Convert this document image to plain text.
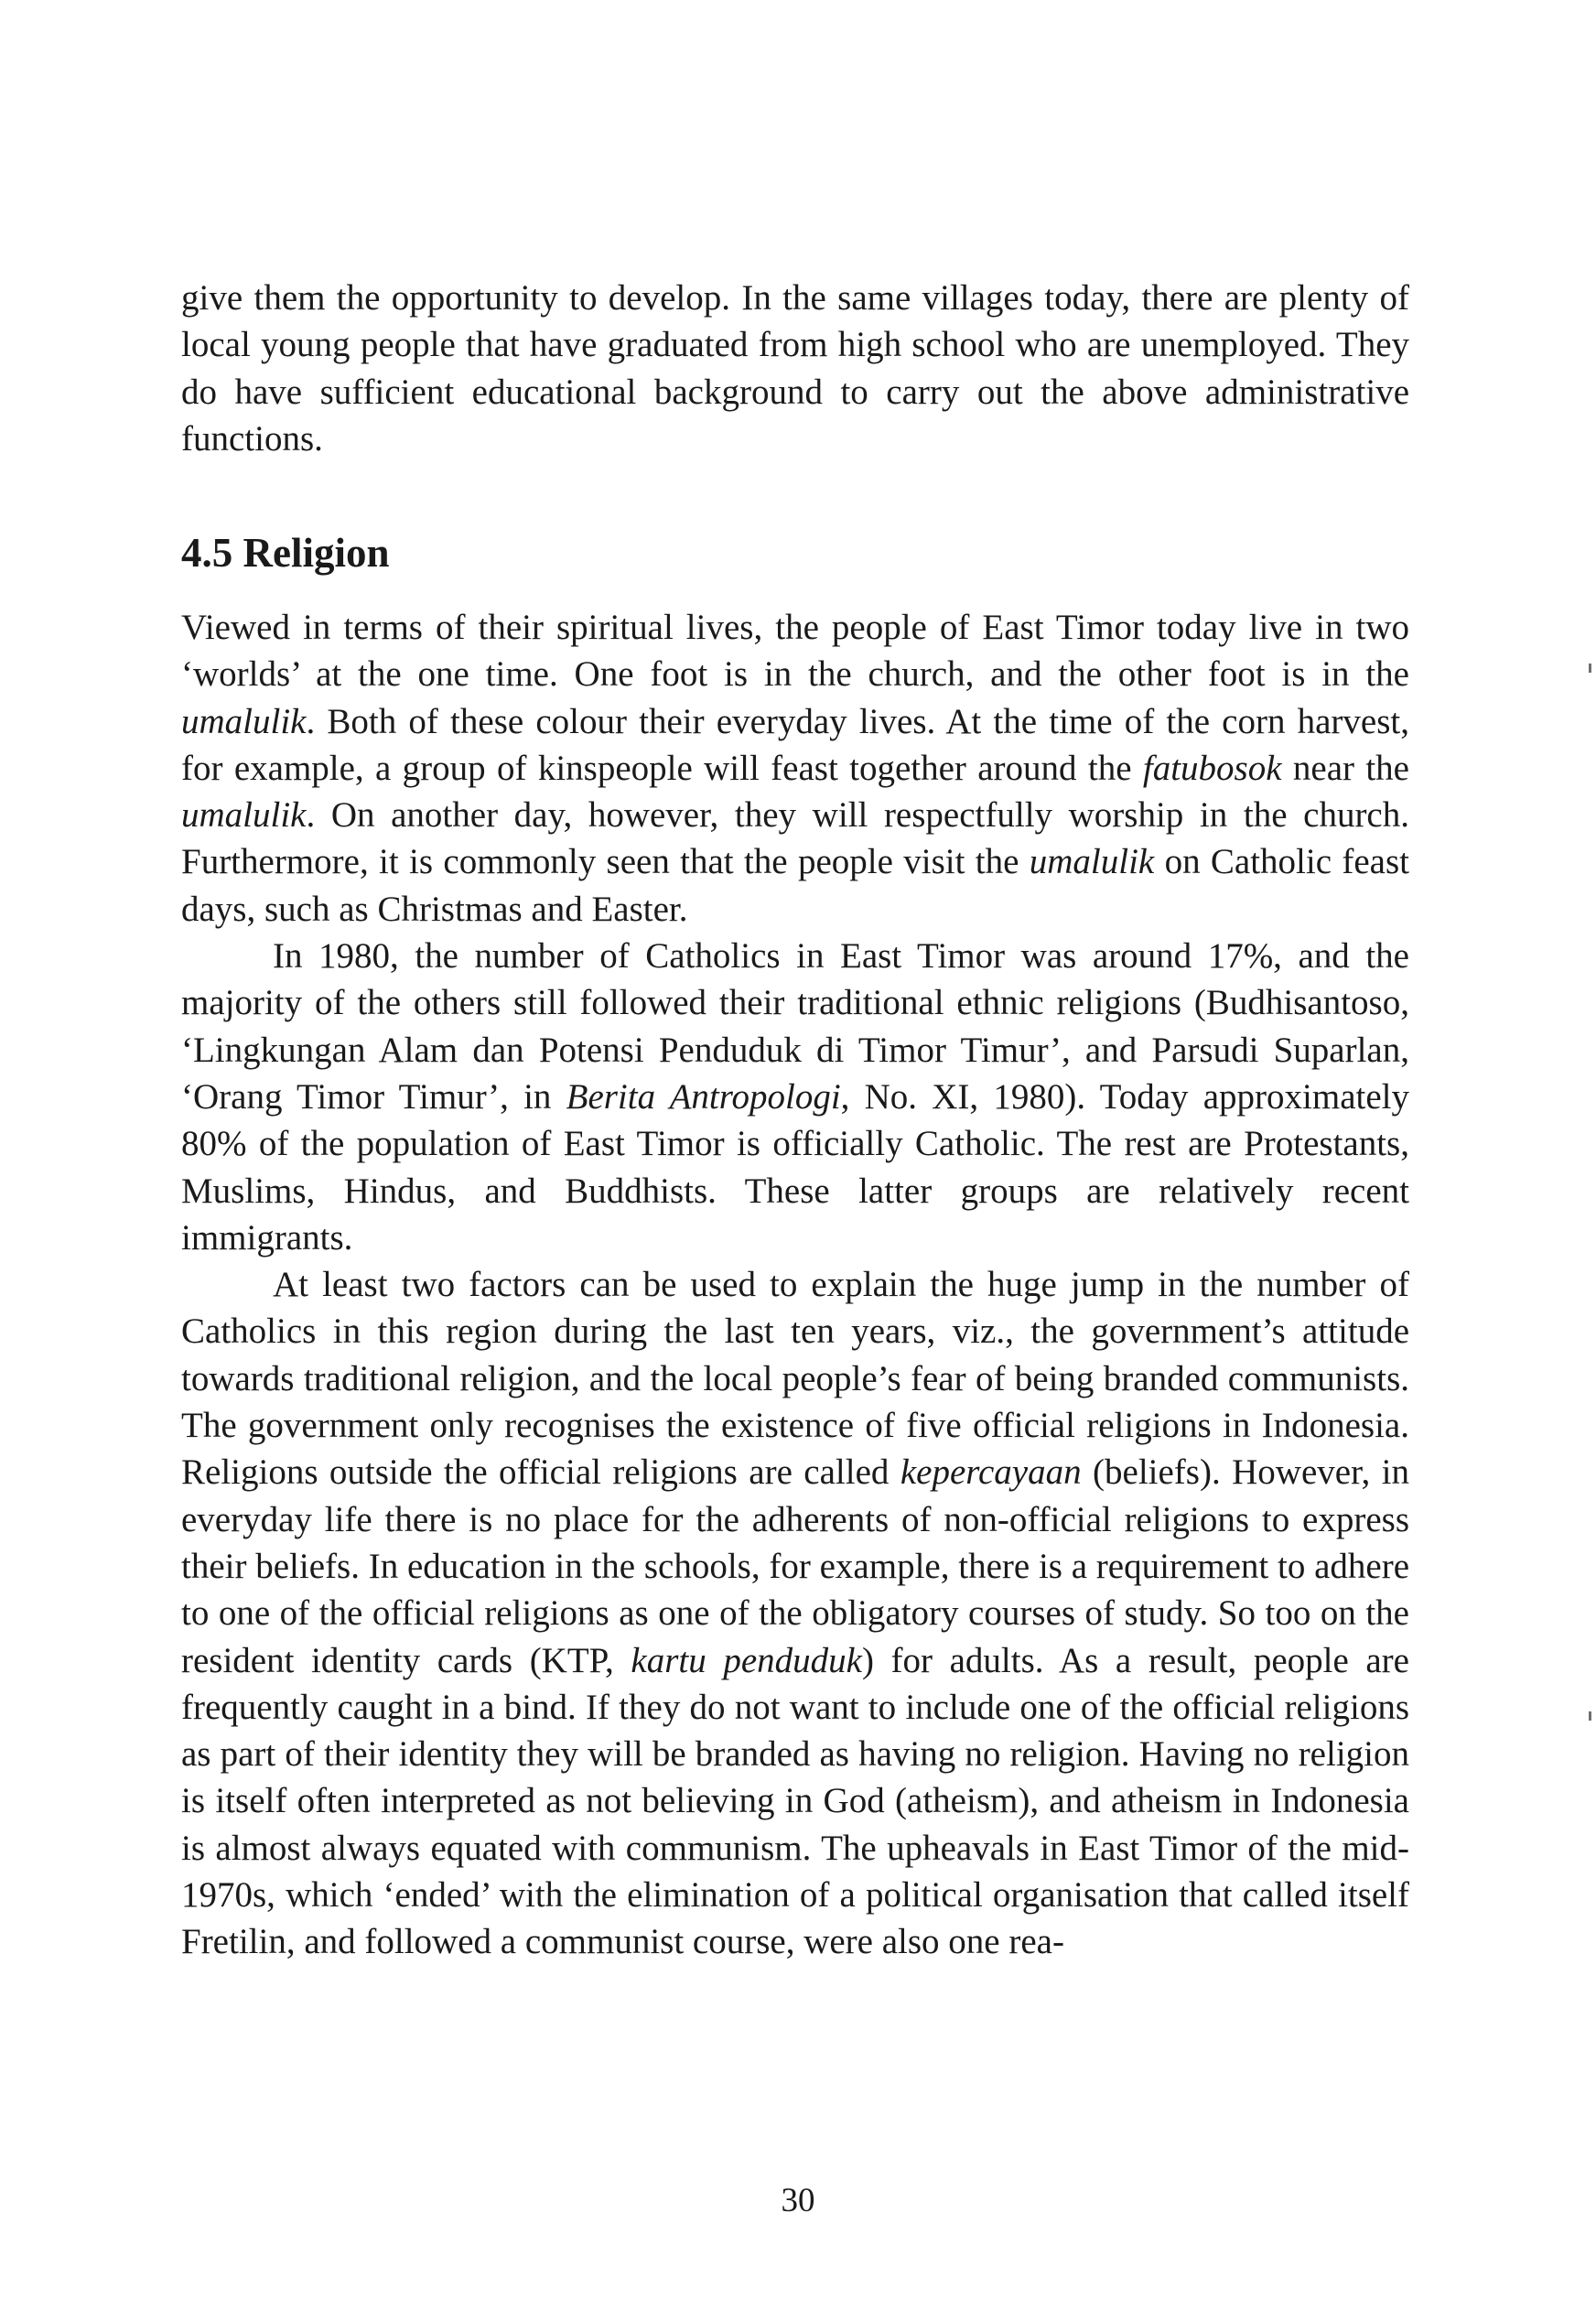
give them the opportunity to develop. In the same villages today, there are plenty of local young people that have graduated from high school who are unemployed. They do have sufficient educational background to carry out the above administrative functions.

4.5 Religion

Viewed in terms of their spiritual lives, the people of East Timor today live in two ‘worlds’ at the one time. One foot is in the church, and the other foot is in the umalulik. Both of these colour their everyday lives. At the time of the corn harvest, for example, a group of kinspeople will feast together around the fatubosok near the umalulik. On another day, however, they will respectfully worship in the church. Furthermore, it is commonly seen that the people visit the umalulik on Catholic feast days, such as Christmas and Easter.

In 1980, the number of Catholics in East Timor was around 17%, and the majority of the others still followed their traditional ethnic religions (Budhisantoso, ‘Lingkungan Alam dan Potensi Penduduk di Timor Timur’, and Parsudi Suparlan, ‘Orang Timor Timur’, in Berita Antropologi, No. XI, 1980). Today approximately 80% of the population of East Timor is officially Catholic. The rest are Protestants, Muslims, Hindus, and Buddhists. These latter groups are relatively recent immigrants.

At least two factors can be used to explain the huge jump in the number of Catholics in this region during the last ten years, viz., the government’s attitude towards traditional religion, and the local people’s fear of being branded communists. The government only recognises the existence of five official religions in Indonesia. Religions outside the official religions are called kepercayaan (beliefs). However, in everyday life there is no place for the adherents of non-official religions to express their beliefs. In education in the schools, for example, there is a requirement to adhere to one of the official religions as one of the obligatory courses of study. So too on the resident identity cards (KTP, kartu penduduk) for adults. As a result, people are frequently caught in a bind. If they do not want to include one of the official religions as part of their identity they will be branded as having no religion. Having no religion is itself often interpreted as not believing in God (atheism), and atheism in Indonesia is almost always equated with communism. The upheavals in East Timor of the mid-1970s, which ‘ended’ with the elimination of a political organisation that called itself Fretilin, and followed a communist course, were also one rea-

30
